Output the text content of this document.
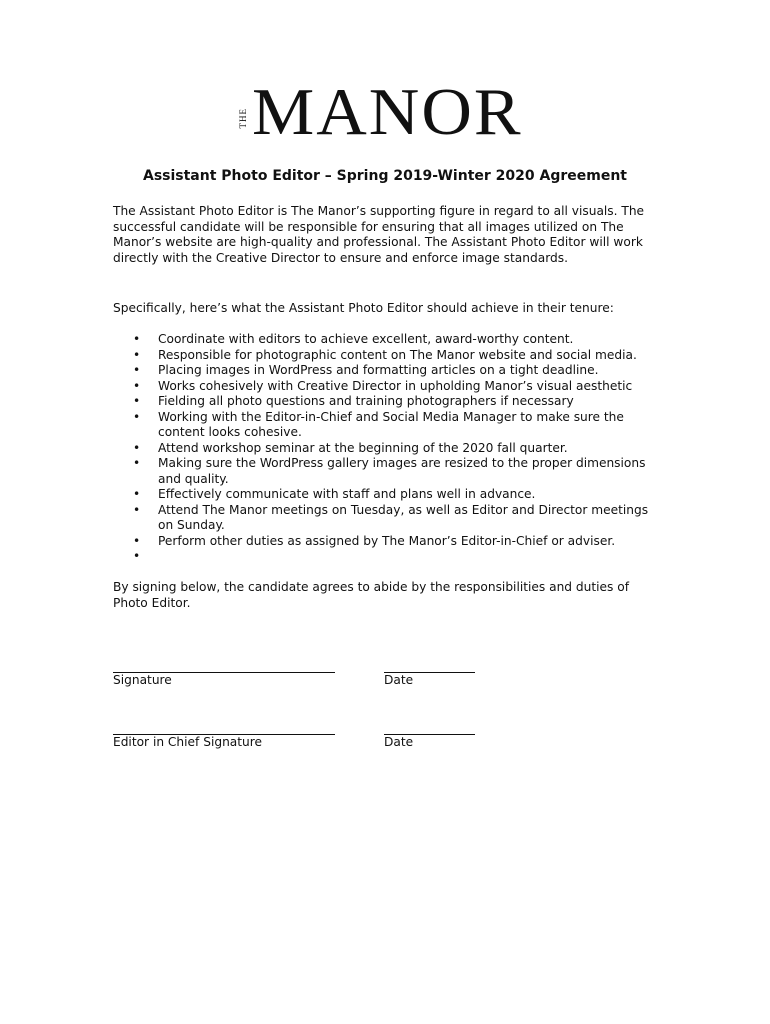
THE MANOR
Assistant Photo Editor – Spring 2019-Winter 2020 Agreement

The Assistant Photo Editor is The Manor’s supporting figure in regard to all visuals. The successful candidate will be responsible for ensuring that all images utilized on The Manor’s website are high-quality and professional. The Assistant Photo Editor will work directly with the Creative Director to ensure and enforce image standards.

Specifically, here’s what the Assistant Photo Editor should achieve in their tenure:

• Coordinate with editors to achieve excellent, award-worthy content.
• Responsible for photographic content on The Manor website and social media.
• Placing images in WordPress and formatting articles on a tight deadline.
• Works cohesively with Creative Director in upholding Manor’s visual aesthetic
• Fielding all photo questions and training photographers if necessary
• Working with the Editor-in-Chief and Social Media Manager to make sure the content looks cohesive.
• Attend workshop seminar at the beginning of the 2020 fall quarter.
• Making sure the WordPress gallery images are resized to the proper dimensions and quality.
• Effectively communicate with staff and plans well in advance.
• Attend The Manor meetings on Tuesday, as well as Editor and Director meetings on Sunday.
• Perform other duties as assigned by The Manor’s Editor-in-Chief or adviser.
•

By signing below, the candidate agrees to abide by the responsibilities and duties of Photo Editor.

Signature	Date
Editor in Chief Signature	Date
